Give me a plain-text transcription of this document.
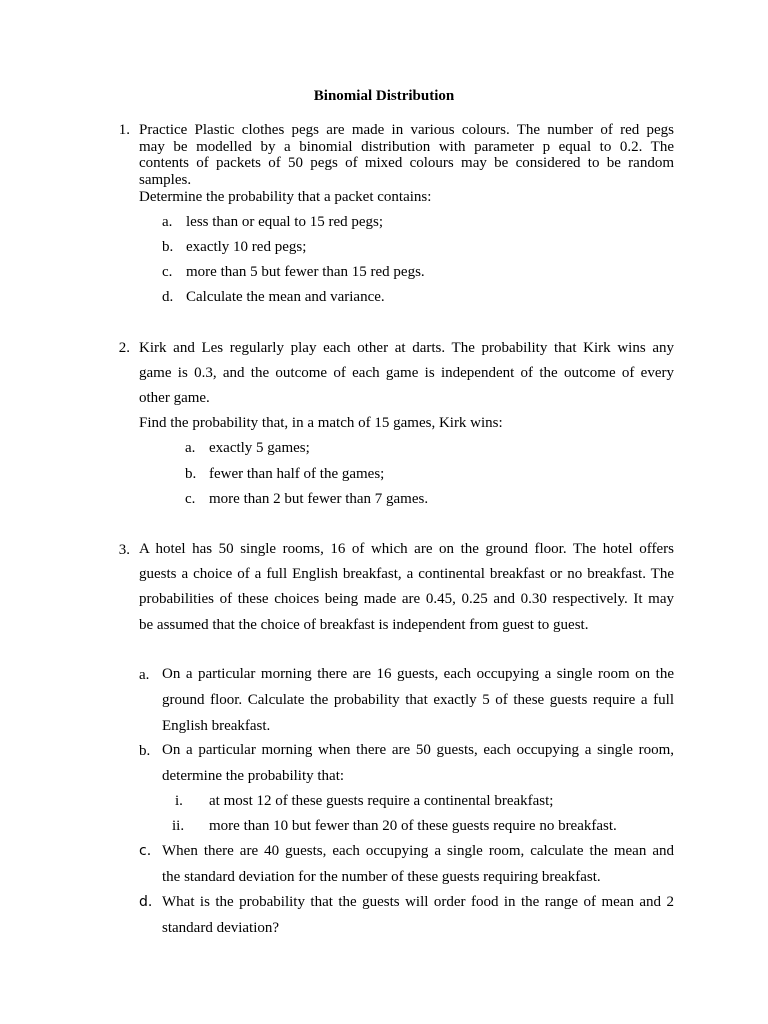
Binomial Distribution
1. Practice Plastic clothes pegs are made in various colours. The number of red pegs
may be modelled by a binomial distribution with parameter p equal to 0.2. The
contents of packets of 50 pegs of mixed colours may be considered to be random
samples.
Determine the probability that a packet contains:
a. less than or equal to 15 red pegs;
b. exactly 10 red pegs;
c. more than 5 but fewer than 15 red pegs.
d. Calculate the mean and variance.
2. Kirk and Les regularly play each other at darts. The probability that Kirk wins any
game is 0.3, and the outcome of each game is independent of the outcome of every
other game.
Find the probability that, in a match of 15 games, Kirk wins:
a. exactly 5 games;
b. fewer than half of the games;
c. more than 2 but fewer than 7 games.
3. A hotel has 50 single rooms, 16 of which are on the ground floor. The hotel offers
guests a choice of a full English breakfast, a continental breakfast or no breakfast. The
probabilities of these choices being made are 0.45, 0.25 and 0.30 respectively. It may
be assumed that the choice of breakfast is independent from guest to guest.
a. On a particular morning there are 16 guests, each occupying a single room on the
ground floor. Calculate the probability that exactly 5 of these guests require a full
English breakfast.
b. On a particular morning when there are 50 guests, each occupying a single room,
determine the probability that:
i. at most 12 of these guests require a continental breakfast;
ii. more than 10 but fewer than 20 of these guests require no breakfast.
c. When there are 40 guests, each occupying a single room, calculate the mean and
the standard deviation for the number of these guests requiring breakfast.
d. What is the probability that the guests will order food in the range of mean and 2
standard deviation?
